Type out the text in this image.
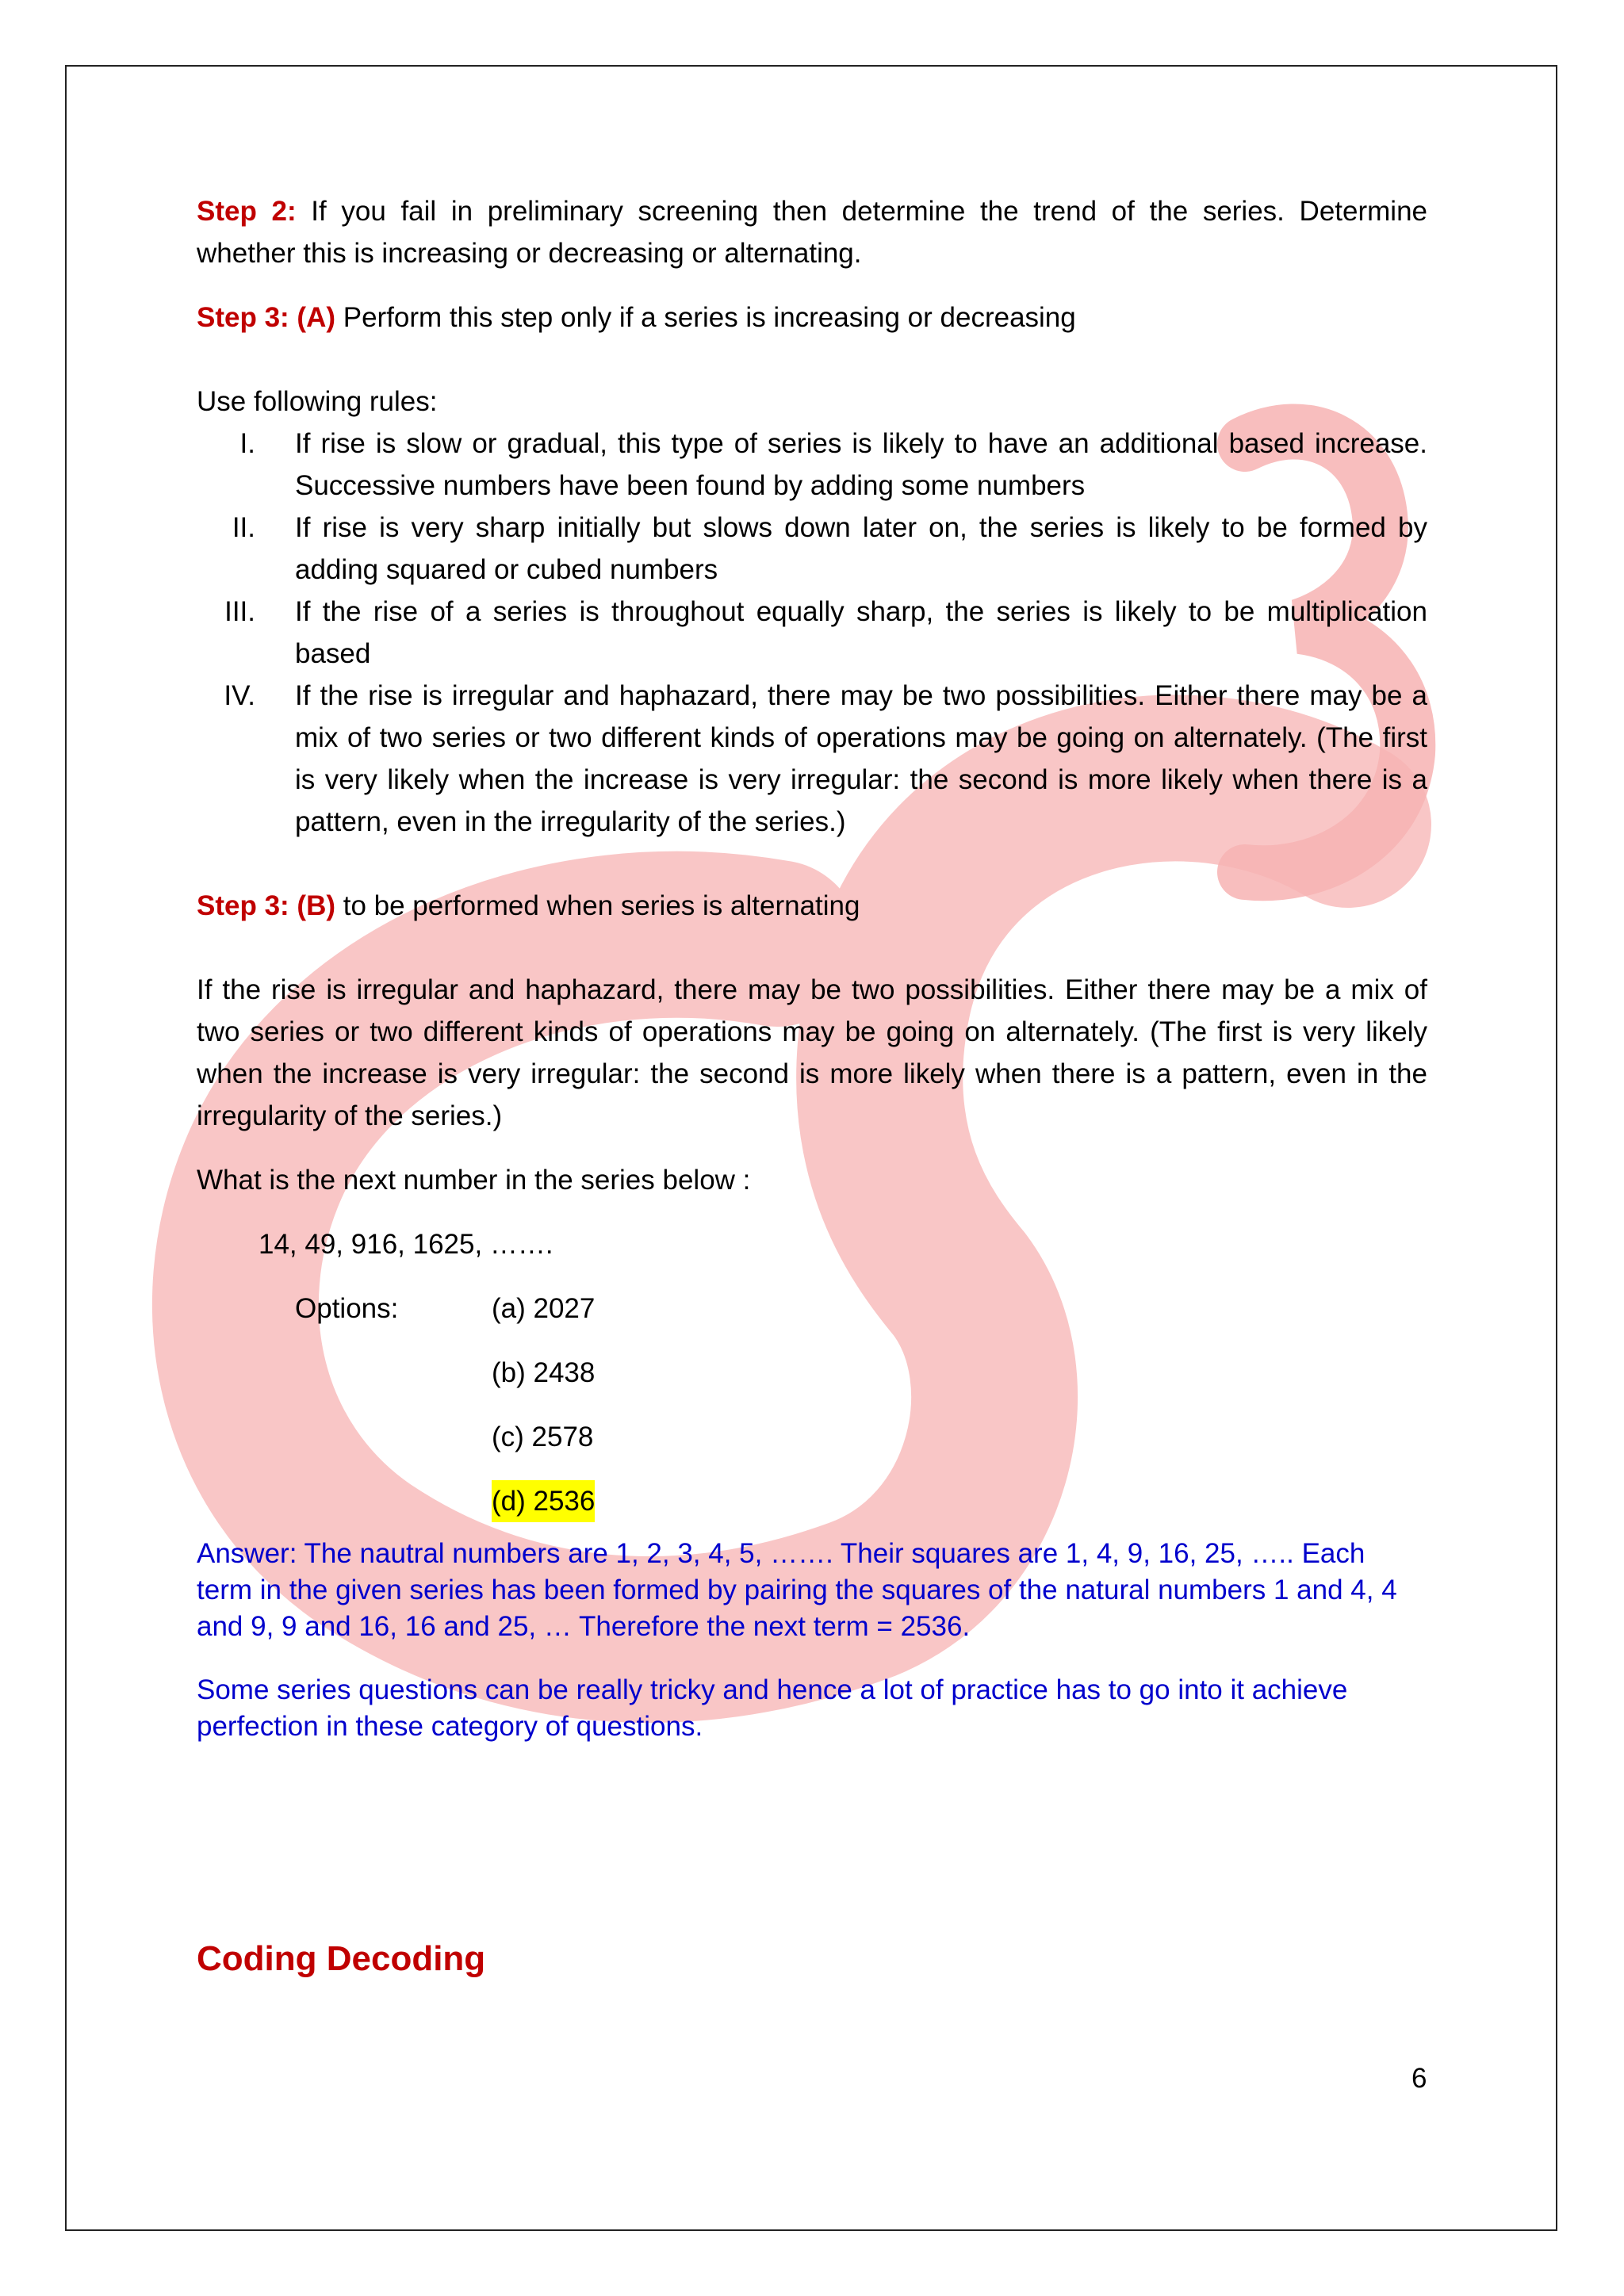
Step 2: If you fail in preliminary screening then determine the trend of the series. Determine whether this is increasing or decreasing or alternating.

Step 3: (A) Perform this step only if a series is increasing or decreasing

Use following rules:

I.	If rise is slow or gradual, this type of series is likely to have an additional based increase. Successive numbers have been found by adding some numbers
II.	If rise is very sharp initially but slows down later on, the series is likely to be formed by adding squared or cubed numbers
III.	If the rise of a series is throughout equally sharp, the series is likely to be multiplication based
IV.	If the rise is irregular and haphazard, there may be two possibilities. Either there may be a mix of two series or two different kinds of operations may be going on alternately. (The first is very likely when the increase is very irregular: the second is more likely when there is a pattern, even in the irregularity of the series.)

Step 3: (B) to be performed when series is alternating

If the rise is irregular and haphazard, there may be two possibilities. Either there may be a mix of two series or two different kinds of operations may be going on alternately. (The first is very likely when the increase is very irregular: the second is more likely when there is a pattern, even in the irregularity of the series.)

What is the next number in the series below :

14, 49, 916, 1625, …….

Options:	(a) 2027
(b) 2438
(c) 2578
(d) 2536

Answer: The nautral numbers are 1, 2, 3, 4, 5, ……. Their squares are 1, 4, 9, 16, 25, ….. Each term in the given series has been formed by pairing the squares of the natural numbers 1 and 4, 4 and 9, 9 and 16, 16 and 25, … Therefore the next term = 2536.

Some series questions can be really tricky and hence a lot of practice has to go into it achieve perfection in these category of questions.

Coding Decoding
6
